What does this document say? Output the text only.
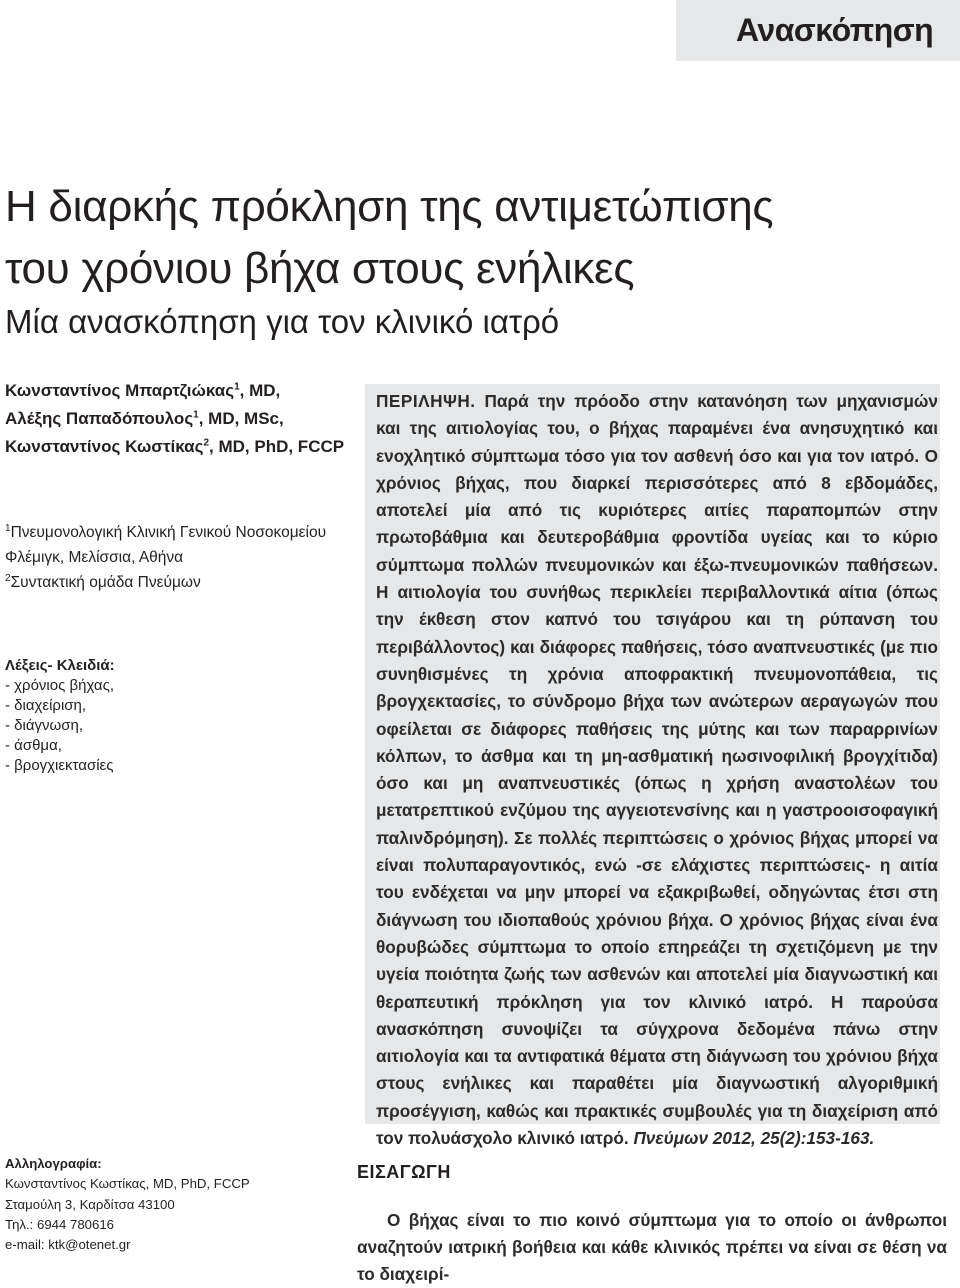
Ανασκόπηση
Η διαρκής πρόκληση της αντιμετώπισης
του χρόνιου βήχα στους ενήλικες
Μία ανασκόπηση για τον κλινικό ιατρό
Κωνσταντίνος Μπαρτζιώκας$^1$, MD,
Αλέξης Παπαδόπουλος$^1$, MD, MSc,
Κωνσταντίνος Κωστίκας$^2$, MD, PhD, FCCP
$^1$Πνευμονολογική Κλινική Γενικού Νοσοκομείου
Φλέμιγκ, Μελίσσια, Αθήνα
$^2$Συντακτική ομάδα Πνεύμων
Λέξεις- Κλειδιά:
- χρόνιος βήχας,
- διαχείριση,
- διάγνωση,
- άσθμα,
- βρογχιεκτασίες

ΠΕΡΙΛΗΨΗ. Παρά την πρόοδο στην κατανόηση των μηχανισμών και της αιτιολογίας του, ο βήχας παραμένει ένα ανησυχητικό και ενοχλητικό σύμπτωμα τόσο για τον ασθενή όσο και για τον ιατρό. Ο χρόνιος βήχας, που διαρκεί περισσότερες από 8 εβδομάδες, αποτελεί μία από τις κυριότερες αιτίες παραπομπών στην πρωτοβάθμια και δευτεροβάθμια φροντίδα υγείας και το κύριο σύμπτωμα πολλών πνευμονικών και έξω-πνευμονικών παθήσεων. Η αιτιολογία του συνήθως περικλείει περιβαλλοντικά αίτια (όπως την έκθεση στον καπνό του τσιγάρου και τη ρύπανση του περιβάλλοντος) και διάφορες παθήσεις, τόσο αναπνευστικές (με πιο συνηθισμένες τη χρόνια αποφρακτική πνευμονοπάθεια, τις βρογχεκτασίες, το σύνδρομο βήχα των ανώτερων αεραγωγών που οφείλεται σε διάφορες παθήσεις της μύτης και των παραρρινίων κόλπων, το άσθμα και τη μη-ασθματική ηωσινοφιλική βρογχίτιδα) όσο και μη αναπνευστικές (όπως η χρήση αναστολέων του μετατρεπτικού ενζύμου της αγγειοτενσίνης και η γαστροοισοφαγική παλινδρόμηση). Σε πολλές περιπτώσεις ο χρόνιος βήχας μπορεί να είναι πολυπαραγοντικός, ενώ -σε ελάχιστες περιπτώσεις- η αιτία του ενδέχεται να μην μπορεί να εξακριβωθεί, οδηγώντας έτσι στη διάγνωση του ιδιοπαθούς χρόνιου βήχα. Ο χρόνιος βήχας είναι ένα θορυβώδες σύμπτωμα το οποίο επηρεάζει τη σχετιζόμενη με την υγεία ποιότητα ζωής των ασθενών και αποτελεί μία διαγνωστική και θεραπευτική πρόκληση για τον κλινικό ιατρό. Η παρούσα ανασκόπηση συνοψίζει τα σύγχρονα δεδομένα πάνω στην αιτιολογία και τα αντιφατικά θέματα στη διάγνωση του χρόνιου βήχα στους ενήλικες και παραθέτει μία διαγνωστική αλγοριθμική προσέγγιση, καθώς και πρακτικές συμβουλές για τη διαχείριση από τον πολυάσχολο κλινικό ιατρό. Πνεύμων 2012, 25(2):153-163.

Αλληλογραφία:
Κωνσταντίνος Κωστίκας, MD, PhD, FCCP
Σταμούλη 3, Καρδίτσα 43100
Τηλ.: 6944 780616
e-mail: ktk@otenet.gr
ΕΙΣΑΓΩΓΗ

Ο βήχας είναι το πιο κοινό σύμπτωμα για το οποίο οι άνθρωποι αναζητούν ιατρική βοήθεια και κάθε κλινικός πρέπει να είναι σε θέση να το διαχειρί-
